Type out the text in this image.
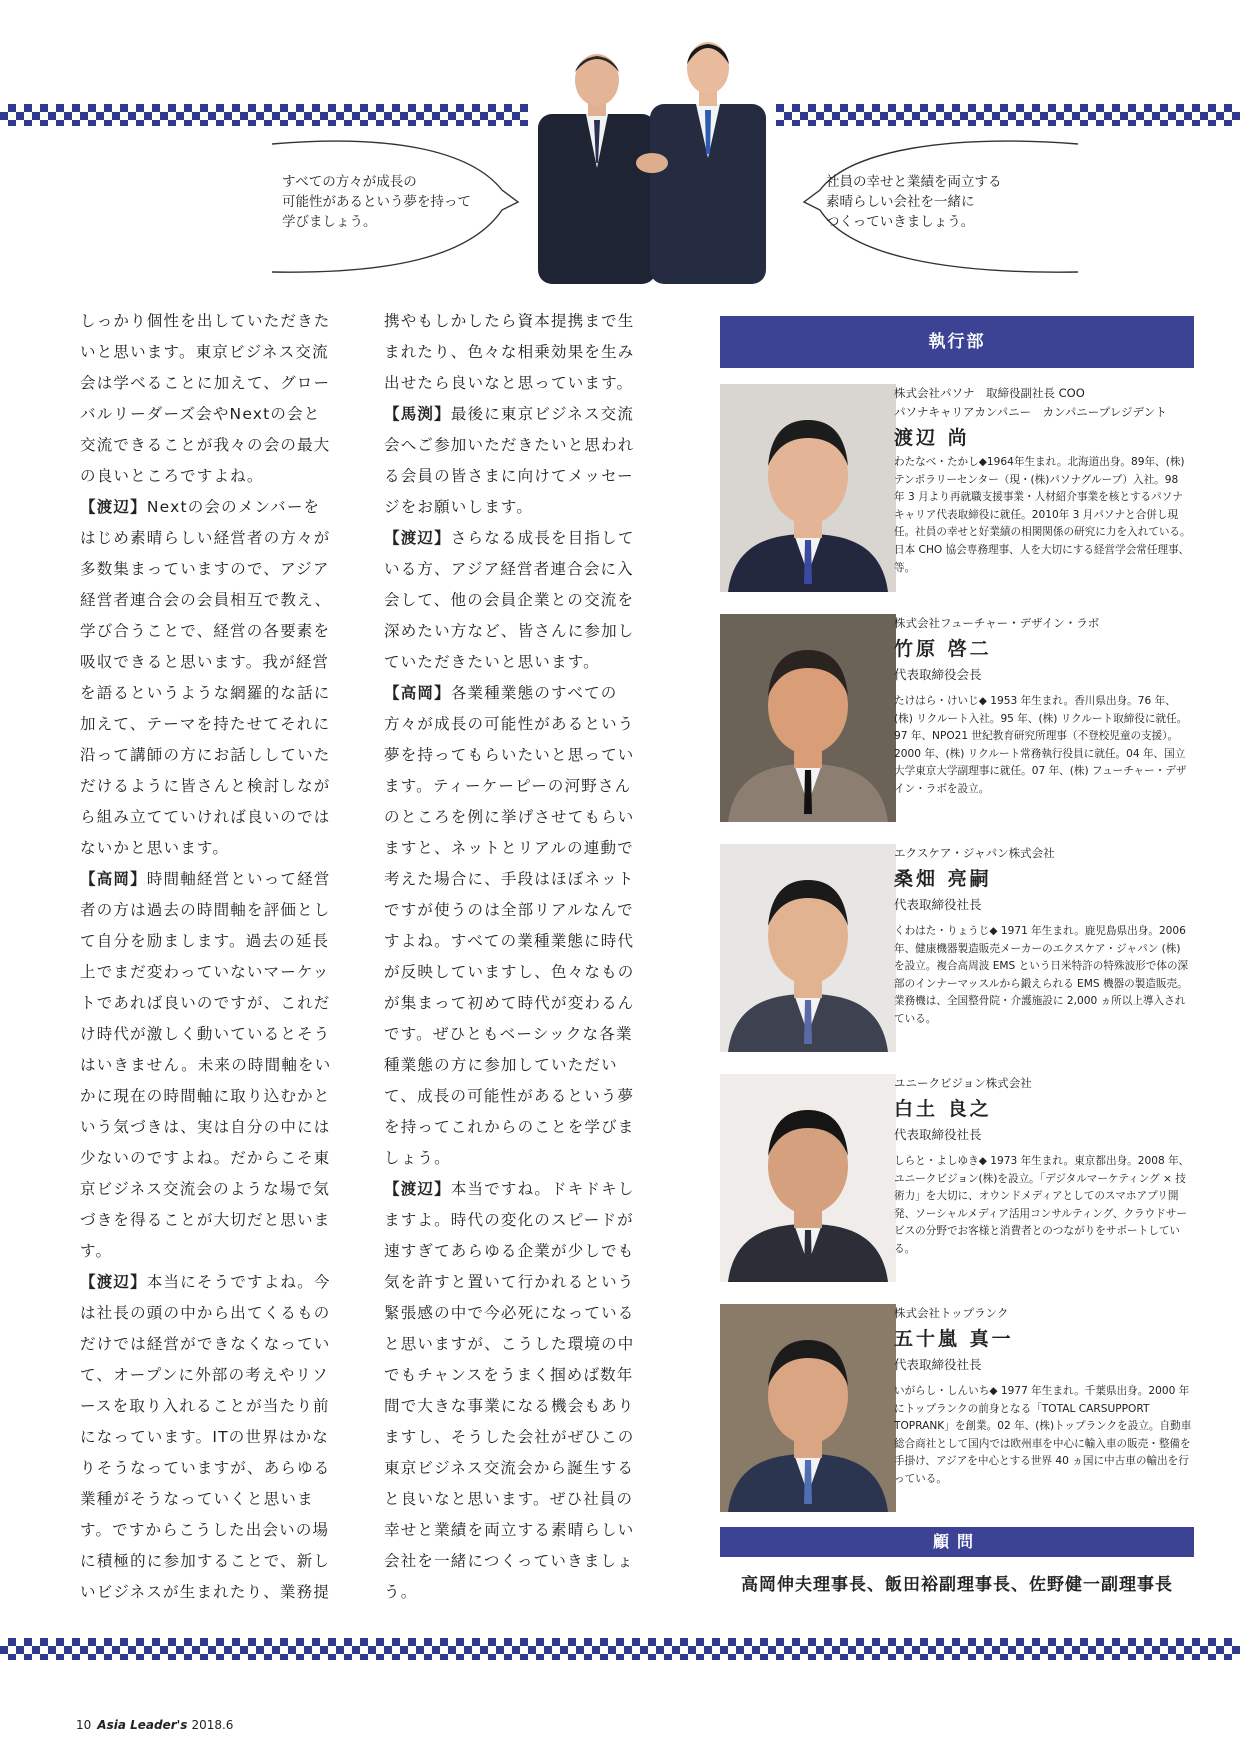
すべての方々が成長の
可能性があるという夢を持って
学びましょう。
社員の幸せと業績を両立する
素晴らしい会社を一緒に
つくっていきましょう。

しっかり個性を出していただきたいと思います。東京ビジネス交流会は学べることに加えて、グローバルリーダーズ会やNextの会と交流できることが我々の会の最大の良いところですよね。

【渡辺】Nextの会のメンバーをはじめ素晴らしい経営者の方々が多数集まっていますので、アジア経営者連合会の会員相互で教え、学び合うことで、経営の各要素を吸収できると思います。我が経営を語るというような網羅的な話に加えて、テーマを持たせてそれに沿って講師の方にお話ししていただけるように皆さんと検討しながら組み立てていければ良いのではないかと思います。

【高岡】時間軸経営といって経営者の方は過去の時間軸を評価として自分を励まします。過去の延長上でまだ変わっていないマーケットであれば良いのですが、これだけ時代が激しく動いているとそうはいきません。未来の時間軸をいかに現在の時間軸に取り込むかという気づきは、実は自分の中には少ないのですよね。だからこそ東京ビジネス交流会のような場で気づきを得ることが大切だと思います。

【渡辺】本当にそうですよね。今は社長の頭の中から出てくるものだけでは経営ができなくなっていて、オープンに外部の考えやリソースを取り入れることが当たり前になっています。ITの世界はかなりそうなっていますが、あらゆる業種がそうなっていくと思います。ですからこうした出会いの場に積極的に参加することで、新しいビジネスが生まれたり、業務提

携やもしかしたら資本提携まで生まれたり、色々な相乗効果を生み出せたら良いなと思っています。

【馬渕】最後に東京ビジネス交流会へご参加いただきたいと思われる会員の皆さまに向けてメッセージをお願いします。

【渡辺】さらなる成長を目指している方、アジア経営者連合会に入会して、他の会員企業との交流を深めたい方など、皆さんに参加していただきたいと思います。

【高岡】各業種業態のすべての方々が成長の可能性があるという夢を持ってもらいたいと思っています。ティーケーピーの河野さんのところを例に挙げさせてもらいますと、ネットとリアルの連動で考えた場合に、手段はほぼネットですが使うのは全部リアルなんですよね。すべての業種業態に時代が反映していますし、色々なものが集まって初めて時代が変わるんです。ぜひともベーシックな各業種業態の方に参加していただいて、成長の可能性があるという夢を持ってこれからのことを学びましょう。

【渡辺】本当ですね。ドキドキしますよ。時代の変化のスピードが速すぎてあらゆる企業が少しでも気を許すと置いて行かれるという緊張感の中で今必死になっていると思いますが、こうした環境の中でもチャンスをうまく掴めば数年間で大きな事業になる機会もありますし、そうした会社がぜひこの東京ビジネス交流会から誕生すると良いなと思います。ぜひ社員の幸せと業績を両立する素晴らしい会社を一緒につくっていきましょう。

執行部
株式会社パソナ　取締役副社長 COO
パソナキャリアカンパニー　カンパニープレジデント
渡辺 尚
わたなべ・たかし◆1964年生まれ。北海道出身。89年、(株) テンポラリーセンター（現・(株)パソナグループ）入社。98 年 3 月より再就職支援事業・人材紹介事業を核とするパソナキャリア代表取締役に就任。2010年 3 月パソナと合併し現任。社員の幸せと好業績の相関関係の研究に力を入れている。日本 CHO 協会専務理事、人を大切にする経営学会常任理事、等。
株式会社フューチャー・デザイン・ラボ
竹原 啓二
代表取締役会長
たけはら・けいじ◆ 1953 年生まれ。香川県出身。76 年、(株) リクルート入社。95 年、(株) リクルート取締役に就任。97 年、NPO21 世紀教育研究所理事（不登校児童の支援）。2000 年、(株) リクルート常務執行役員に就任。04 年、国立大学東京大学副理事に就任。07 年、(株) フューチャー・デザイン・ラボを設立。
エクスケア・ジャパン株式会社
桑畑 亮嗣
代表取締役社長
くわはた・りょうじ◆ 1971 年生まれ。鹿児島県出身。2006 年、健康機器製造販売メーカーのエクスケア・ジャパン (株) を設立。複合高周波 EMS という日米特許の特殊波形で体の深部のインナーマッスルから鍛えられる EMS 機器の製造販売。業務機は、全国整骨院・介護施設に 2,000 ヵ所以上導入されている。
ユニークビジョン株式会社
白土 良之
代表取締役社長
しらと・よしゆき◆ 1973 年生まれ。東京都出身。2008 年、ユニークビジョン(株)を設立。「デジタルマーケティング × 技術力」を大切に、オウンドメディアとしてのスマホアプリ開発、ソーシャルメディア活用コンサルティング、クラウドサービスの分野でお客様と消費者とのつながりをサポートしている。
株式会社トップランク
五十嵐 真一
代表取締役社長
いがらし・しんいち◆ 1977 年生まれ。千葉県出身。2000 年にトップランクの前身となる「TOTAL CARSUPPORT TOPRANK」を創業。02 年、(株)トップランクを設立。自動車総合商社として国内では欧州車を中心に輸入車の販売・整備を手掛け、アジアを中心とする世界 40 ヵ国に中古車の輸出を行っている。
顧問
高岡伸夫理事長、飯田裕副理事長、佐野健一副理事長
10 Asia Leader's 2018.6
